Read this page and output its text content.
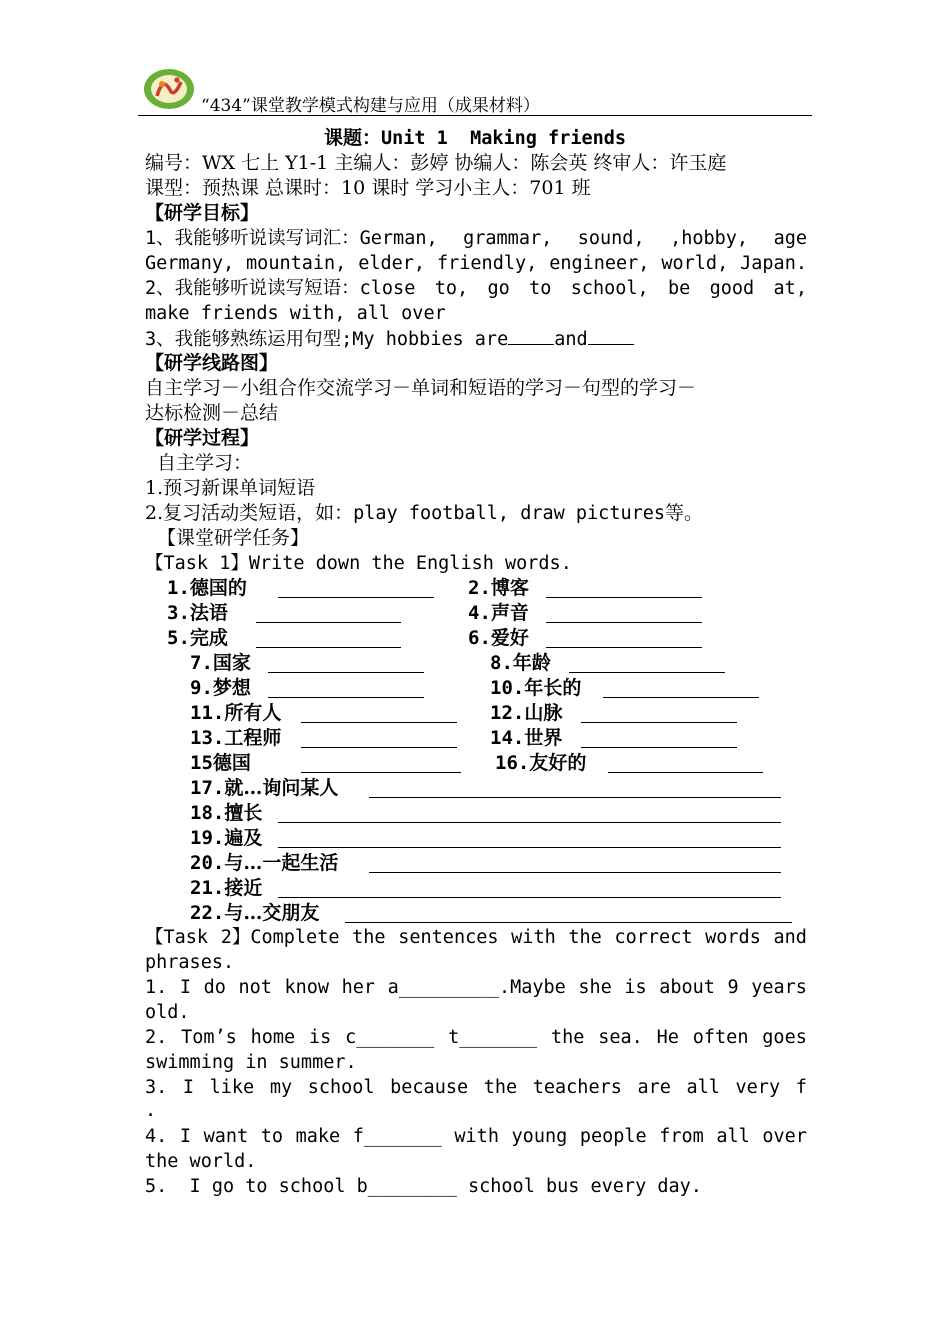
“434”课堂教学模式构建与应用（成果材料）
课题：Unit 1  Making friends
编号：WX 七上 Y1-1 主编人：彭婷 协编人：陈会英 终审人：许玉庭
课型：预热课 总课时：10 课时 学习小主人：701 班
【研学目标】
1、我能够听说读写词汇：German, grammar, sound, ,hobby, age
Germany, mountain, elder, friendly, engineer, world, Japan.
2、我能够听说读写短语：close to, go to school, be good at,
make friends with, all over
3、我能够熟练运用句型;My hobbies are and
【研学线路图】
自主学习－小组合作交流学习－单词和短语的学习－句型的学习－
达标检测－总结
【研学过程】
自主学习：
1.预习新课单词短语
2.复习活动类短语，如：play football, draw pictures等。
【课堂研学任务】
【Task 1】Write down the English words.
1.德国的	2.博客
3.法语	4.声音
5.完成	6.爱好
7.国家	8.年龄
9.梦想	10.年长的
11.所有人	12.山脉
13.工程师	14.世界
15德国	16.友好的
17.就…询问某人
18.擅长
19.遍及
20.与…一起生活
21.接近
22.与…交朋友
【Task 2】Complete the sentences with the correct words and
phrases.
1. I do not know her a_________.Maybe she is about 9 years
old.
2. Tom’s home is c_______ t_______ the sea. He often goes
swimming in summer.
3. I like my school because the teachers are all very f
.
4. I want to make f_______ with young people from all over
the world.
5.  I go to school b________ school bus every day.
